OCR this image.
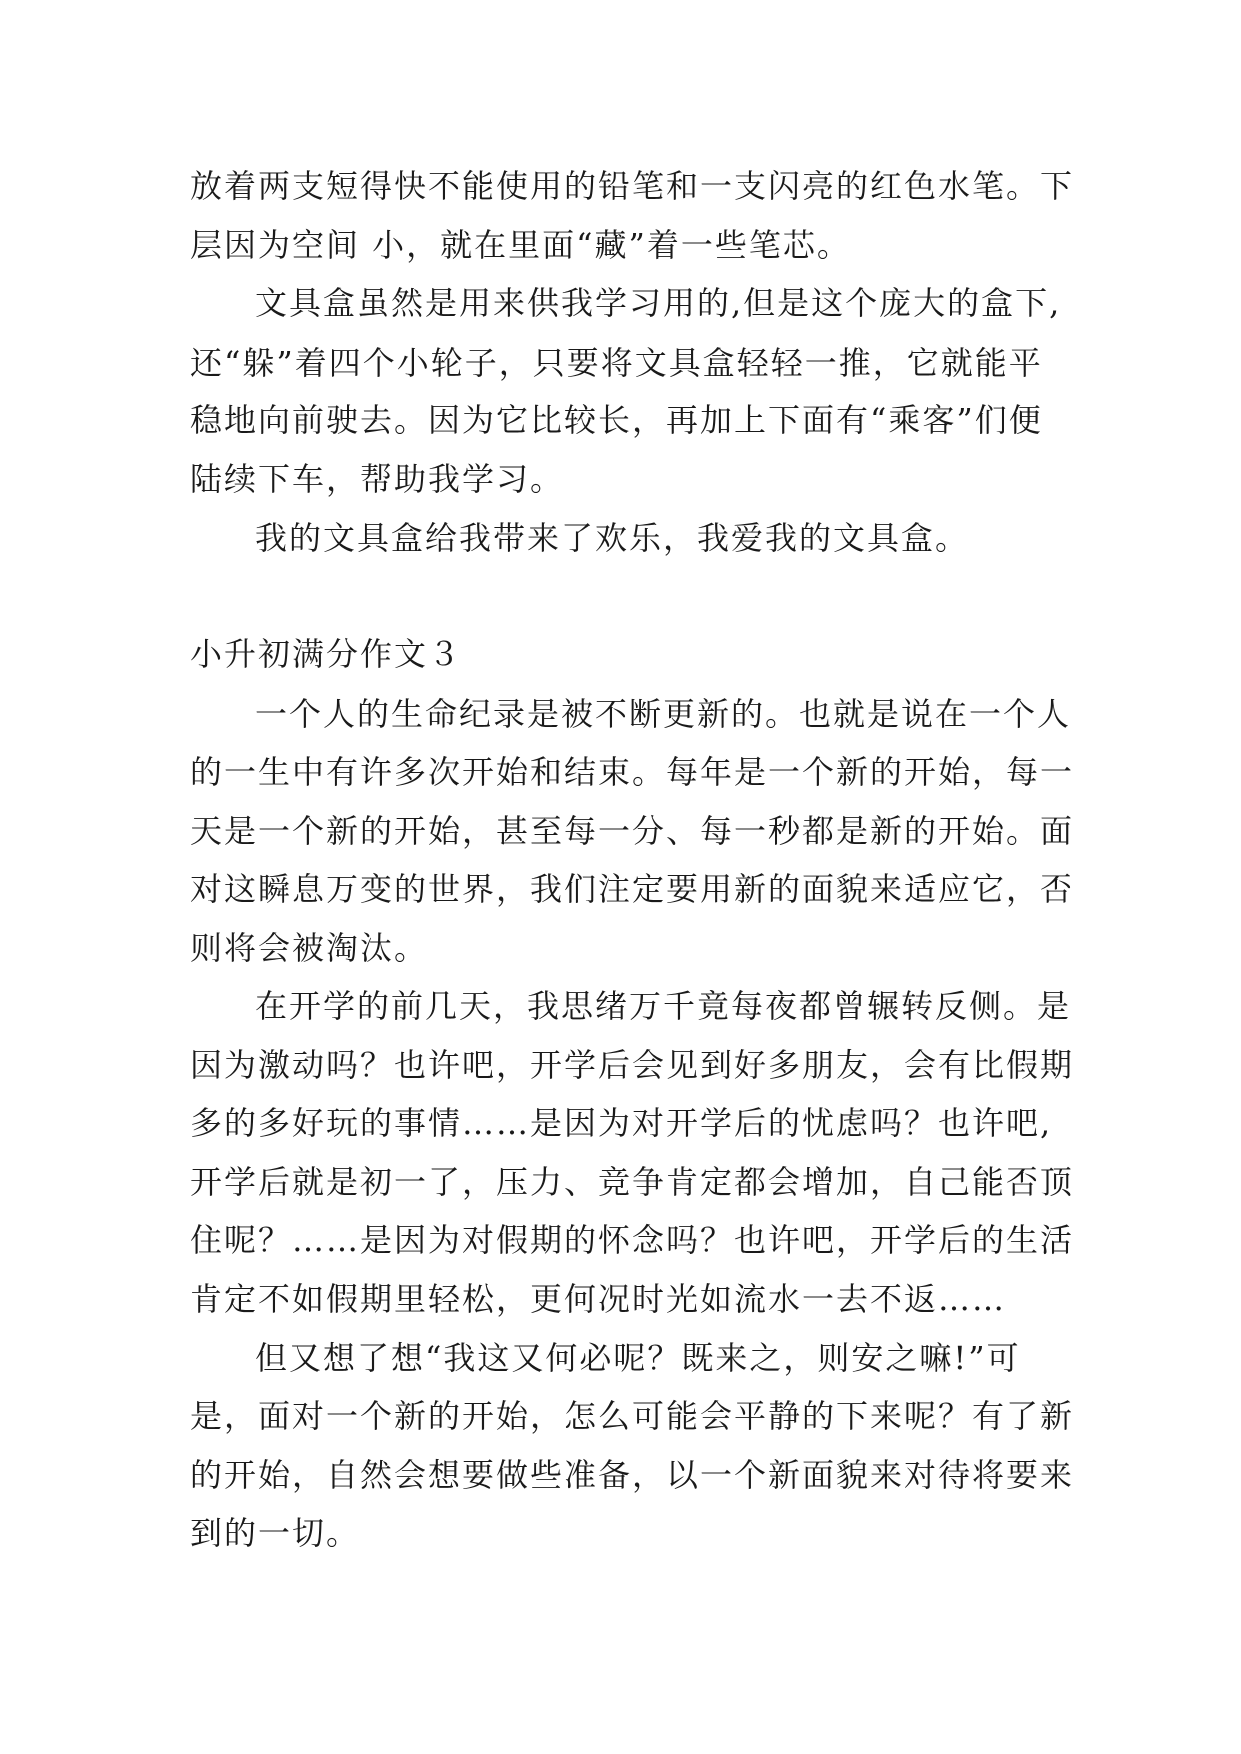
放着两支短得快不能使用的铅笔和一支闪亮的红色水笔。下
层因为空间 小，就在里面“藏”着一些笔芯。
文具盒虽然是用来供我学习用的,但是这个庞大的盒下,
还“躲”着四个小轮子，只要将文具盒轻轻一推，它就能平
稳地向前驶去。因为它比较长，再加上下面有“乘客”们便
陆续下车，帮助我学习。
我的文具盒给我带来了欢乐，我爱我的文具盒。
小升初满分作文３
一个人的生命纪录是被不断更新的。也就是说在一个人
的一生中有许多次开始和结束。每年是一个新的开始，每一
天是一个新的开始，甚至每一分、每一秒都是新的开始。面
对这瞬息万变的世界，我们注定要用新的面貌来适应它，否
则将会被淘汰。
在开学的前几天，我思绪万千竟每夜都曾辗转反侧。是
因为激动吗？也许吧，开学后会见到好多朋友，会有比假期
多的多好玩的事情……是因为对开学后的忧虑吗？也许吧,
开学后就是初一了，压力、竞争肯定都会增加，自己能否顶
住呢？……是因为对假期的怀念吗？也许吧，开学后的生活
肯定不如假期里轻松，更何况时光如流水一去不返……
但又想了想“我这又何必呢？既来之，则安之嘛!”可
是，面对一个新的开始，怎么可能会平静的下来呢？有了新
的开始，自然会想要做些准备，以一个新面貌来对待将要来
到的一切。
